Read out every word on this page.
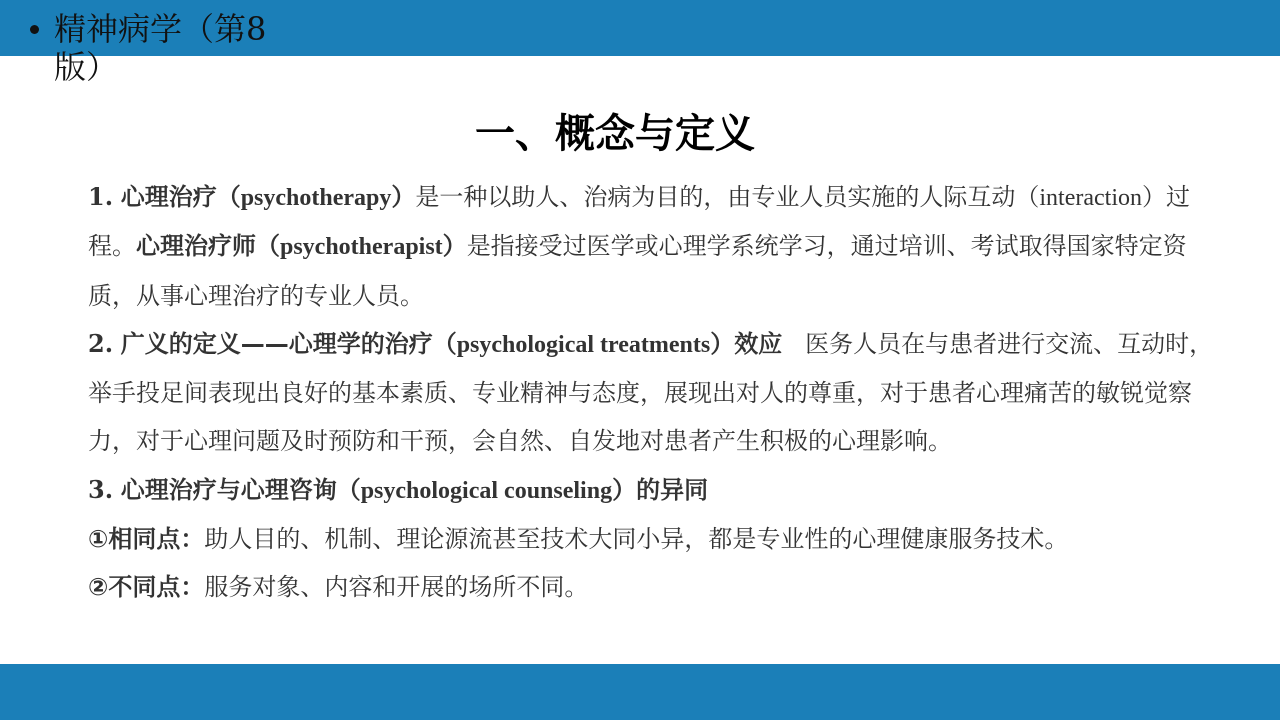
精神病学（第8版）
一、概念与定义

1. 心理治疗（psychotherapy）是一种以助人、治病为目的，由专业人员实施的人际互动（interaction）过程。心理治疗师（psychotherapist）是指接受过医学或心理学系统学习，通过培训、考试取得国家特定资质，从事心理治疗的专业人员。

2. 广义的定义——心理学的治疗（psychological treatments）效应 医务人员在与患者进行交流、互动时，举手投足间表现出良好的基本素质、专业精神与态度，展现出对人的尊重，对于患者心理痛苦的敏锐觉察力，对于心理问题及时预防和干预，会自然、自发地对患者产生积极的心理影响。

3. 心理治疗与心理咨询（psychological counseling）的异同

①相同点：助人目的、机制、理论源流甚至技术大同小异，都是专业性的心理健康服务技术。

②不同点：服务对象、内容和开展的场所不同。
